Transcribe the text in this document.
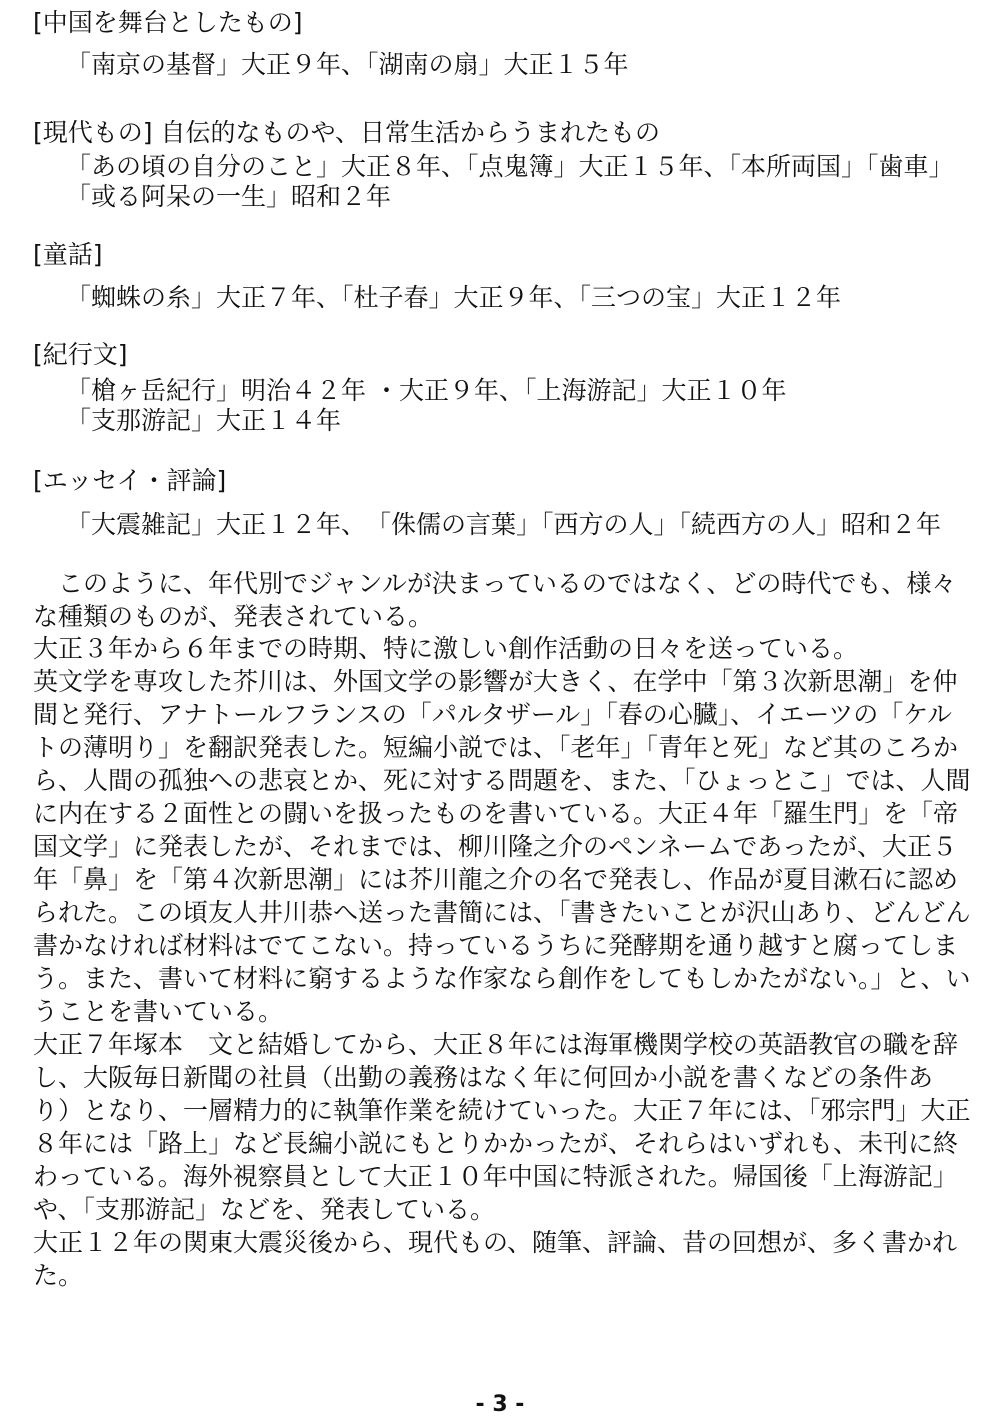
[中国を舞台としたもの]
「南京の基督」大正９年、「湖南の扇」大正１５年
[現代もの] 自伝的なものや、日常生活からうまれたもの
「あの頃の自分のこと」大正８年、「点鬼簿」大正１５年、「本所両国」「歯車」
「或る阿呆の一生」昭和２年
[童話]
「蜘蛛の糸」大正７年、「杜子春」大正９年、「三つの宝」大正１２年
[紀行文]
「槍ヶ岳紀行」明治４２年 ・大正９年、「上海游記」大正１０年
「支那游記」大正１４年
[エッセイ・評論]
「大震雑記」大正１２年、　「侏儒の言葉」「西方の人」「続西方の人」昭和２年
　このように、年代別でジャンルが決まっているのではなく、どの時代でも、様々
な種類のものが、発表されている。
大正３年から６年までの時期、特に激しい創作活動の日々を送っている。
英文学を専攻した芥川は、外国文学の影響が大きく、在学中「第３次新思潮」を仲
間と発行、アナトールフランスの「パルタザール」「春の心臓」、イエーツの「ケル
トの薄明り」を翻訳発表した。短編小説では、「老年」「青年と死」など其のころか
ら、人間の孤独への悲哀とか、死に対する問題を、また、「ひょっとこ」では、人間
に内在する２面性との闘いを扱ったものを書いている。大正４年「羅生門」を「帝
国文学」に発表したが、それまでは、柳川隆之介のペンネームであったが、大正５
年「鼻」を「第４次新思潮」には芥川龍之介の名で発表し、作品が夏目漱石に認め
られた。この頃友人井川恭へ送った書簡には、「書きたいことが沢山あり、どんどん
書かなければ材料はでてこない。持っているうちに発酵期を通り越すと腐ってしま
う。また、書いて材料に窮するような作家なら創作をしてもしかたがない。」と、い
うことを書いている。
大正７年塚本　文と結婚してから、大正８年には海軍機関学校の英語教官の職を辞
し、大阪毎日新聞の社員（出勤の義務はなく年に何回か小説を書くなどの条件あ
り）となり、一層精力的に執筆作業を続けていった。大正７年には、「邪宗門」大正
８年には「路上」など長編小説にもとりかかったが、それらはいずれも、未刊に終
わっている。海外視察員として大正１０年中国に特派された。帰国後「上海游記」
や、「支那游記」などを、発表している。
大正１２年の関東大震災後から、現代もの、随筆、評論、昔の回想が、多く書かれ
た。
- 3 -
